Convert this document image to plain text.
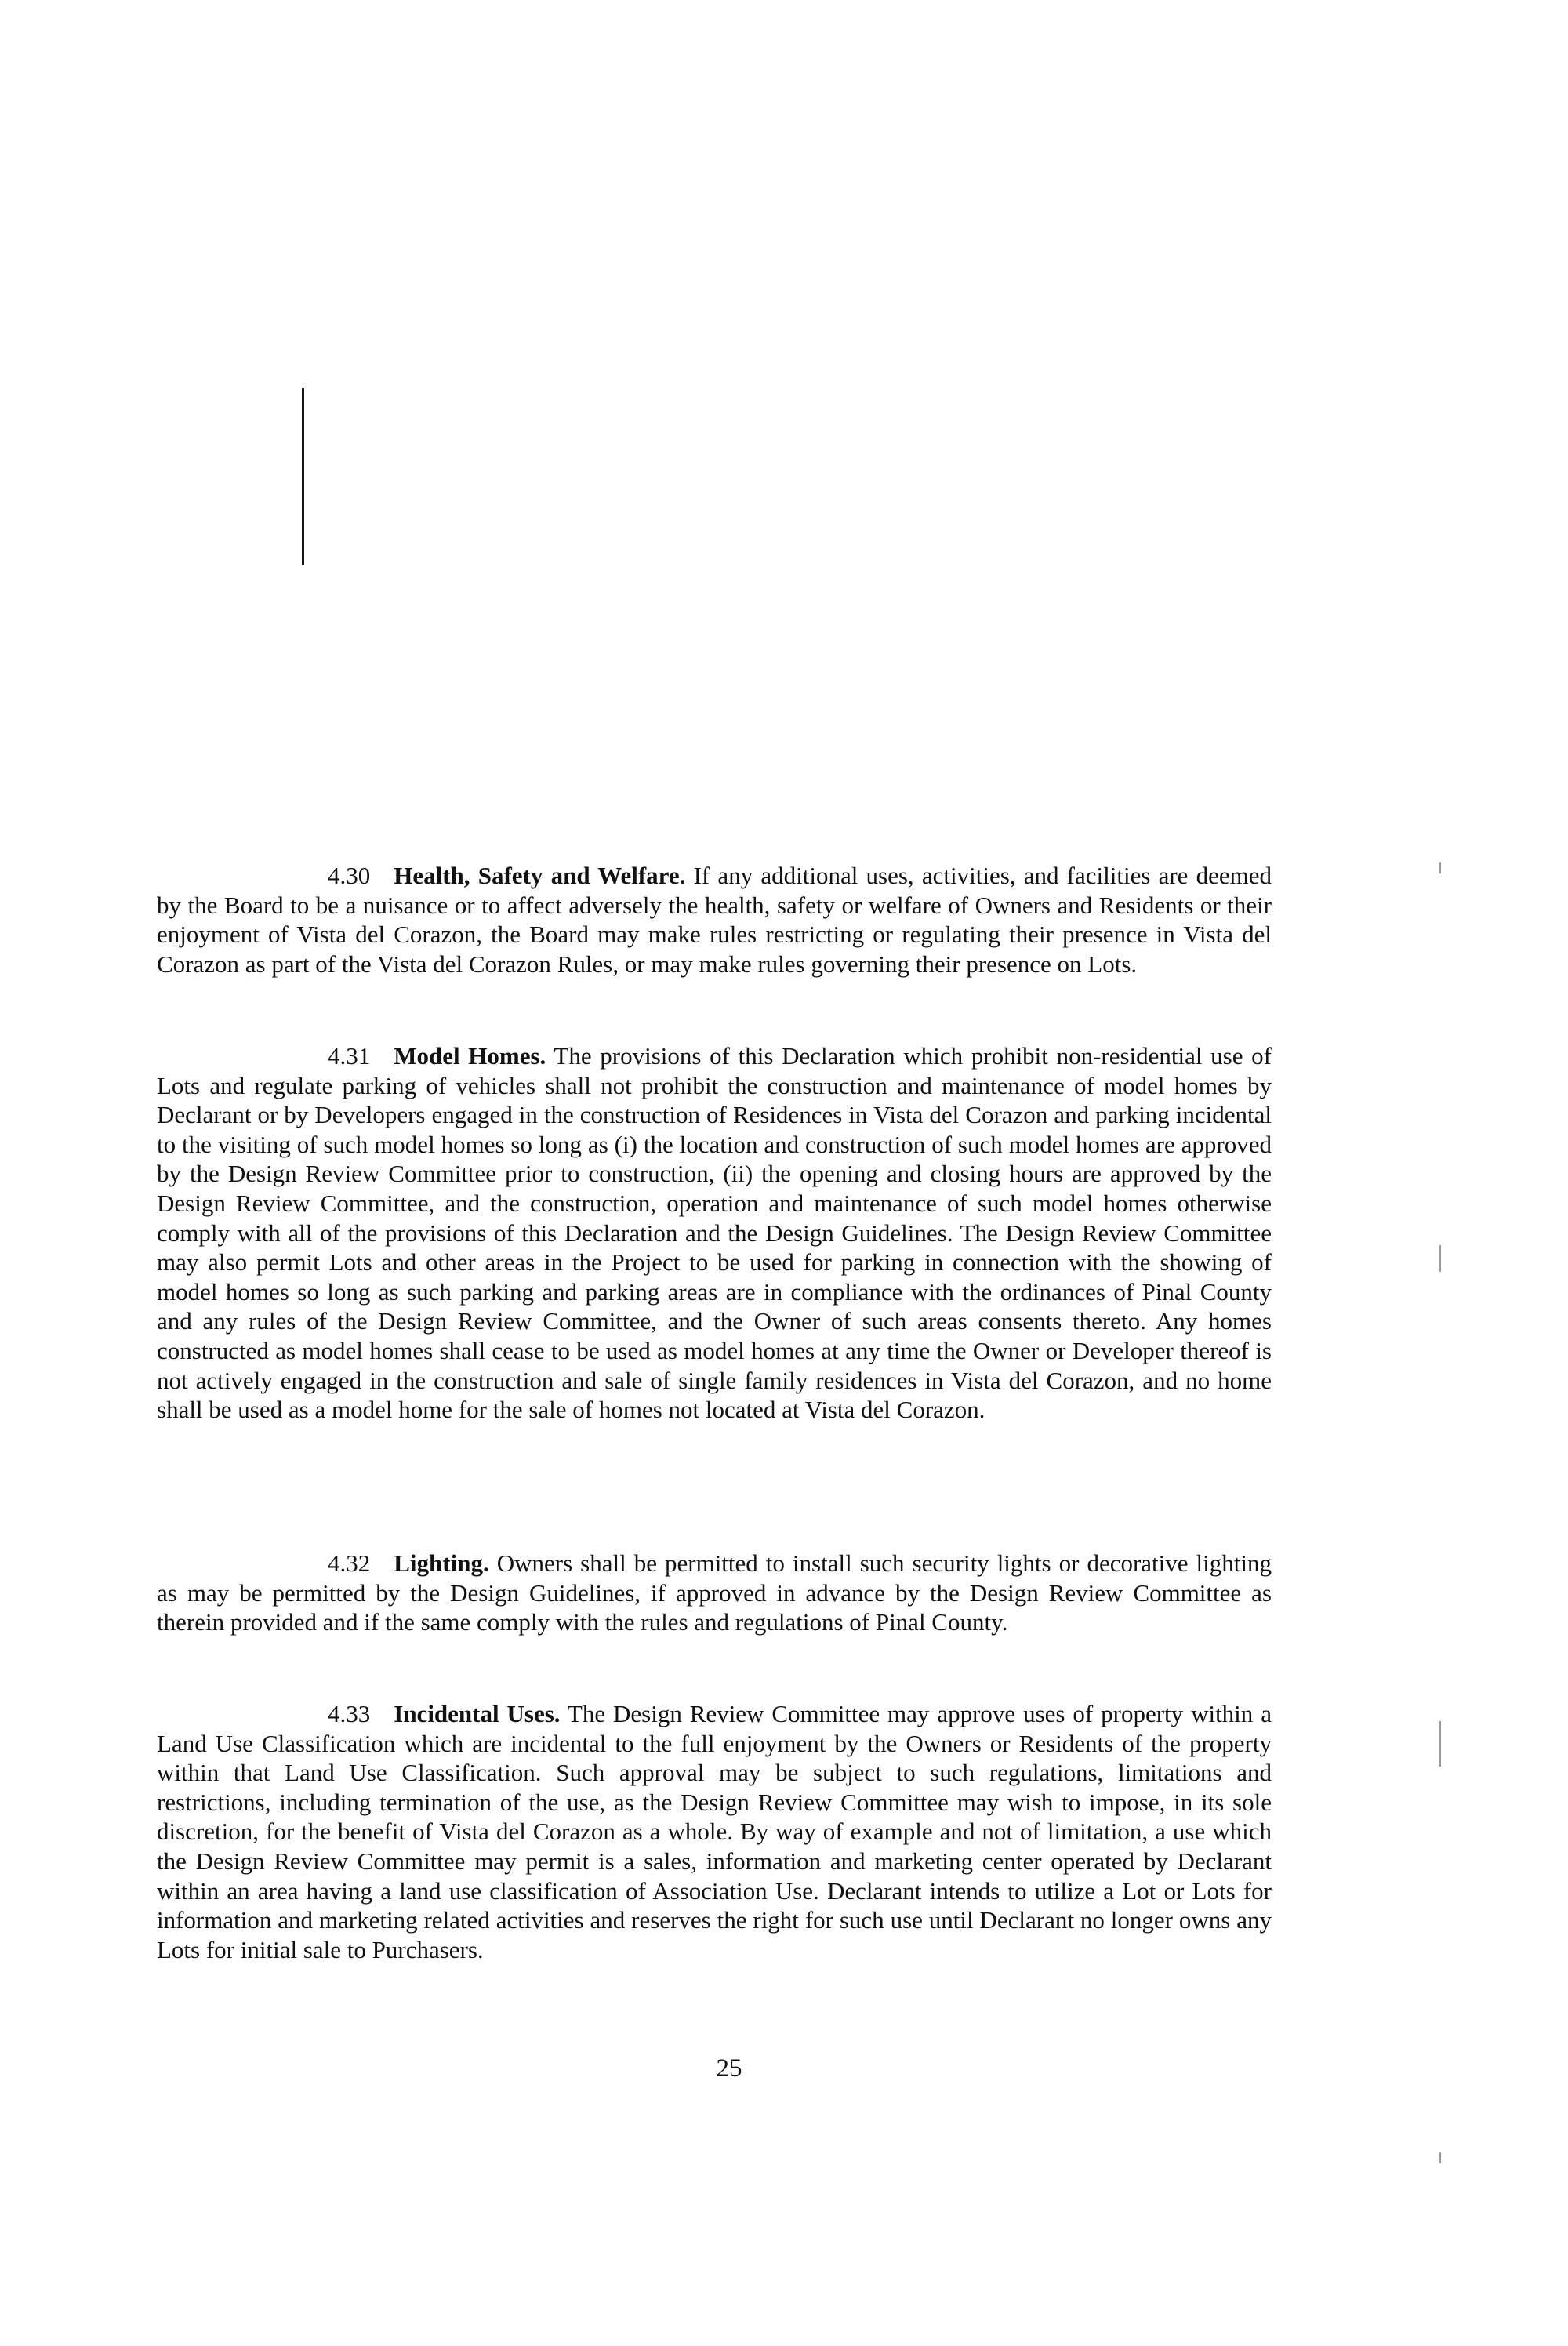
4.30 Health, Safety and Welfare. If any additional uses, activities, and facilities are deemed by the Board to be a nuisance or to affect adversely the health, safety or welfare of Owners and Residents or their enjoyment of Vista del Corazon, the Board may make rules restricting or regulating their presence in Vista del Corazon as part of the Vista del Corazon Rules, or may make rules governing their presence on Lots.
4.31 Model Homes. The provisions of this Declaration which prohibit non-residential use of Lots and regulate parking of vehicles shall not prohibit the construction and maintenance of model homes by Declarant or by Developers engaged in the construction of Residences in Vista del Corazon and parking incidental to the visiting of such model homes so long as (i) the location and construction of such model homes are approved by the Design Review Committee prior to construction, (ii) the opening and closing hours are approved by the Design Review Committee, and the construction, operation and maintenance of such model homes otherwise comply with all of the provisions of this Declaration and the Design Guidelines. The Design Review Committee may also permit Lots and other areas in the Project to be used for parking in connection with the showing of model homes so long as such parking and parking areas are in compliance with the ordinances of Pinal County and any rules of the Design Review Committee, and the Owner of such areas consents thereto. Any homes constructed as model homes shall cease to be used as model homes at any time the Owner or Developer thereof is not actively engaged in the construction and sale of single family residences in Vista del Corazon, and no home shall be used as a model home for the sale of homes not located at Vista del Corazon.
4.32 Lighting. Owners shall be permitted to install such security lights or decorative lighting as may be permitted by the Design Guidelines, if approved in advance by the Design Review Committee as therein provided and if the same comply with the rules and regulations of Pinal County.
4.33 Incidental Uses. The Design Review Committee may approve uses of property within a Land Use Classification which are incidental to the full enjoyment by the Owners or Residents of the property within that Land Use Classification. Such approval may be subject to such regulations, limitations and restrictions, including termination of the use, as the Design Review Committee may wish to impose, in its sole discretion, for the benefit of Vista del Corazon as a whole. By way of example and not of limitation, a use which the Design Review Committee may permit is a sales, information and marketing center operated by Declarant within an area having a land use classification of Association Use. Declarant intends to utilize a Lot or Lots for information and marketing related activities and reserves the right for such use until Declarant no longer owns any Lots for initial sale to Purchasers.
25
